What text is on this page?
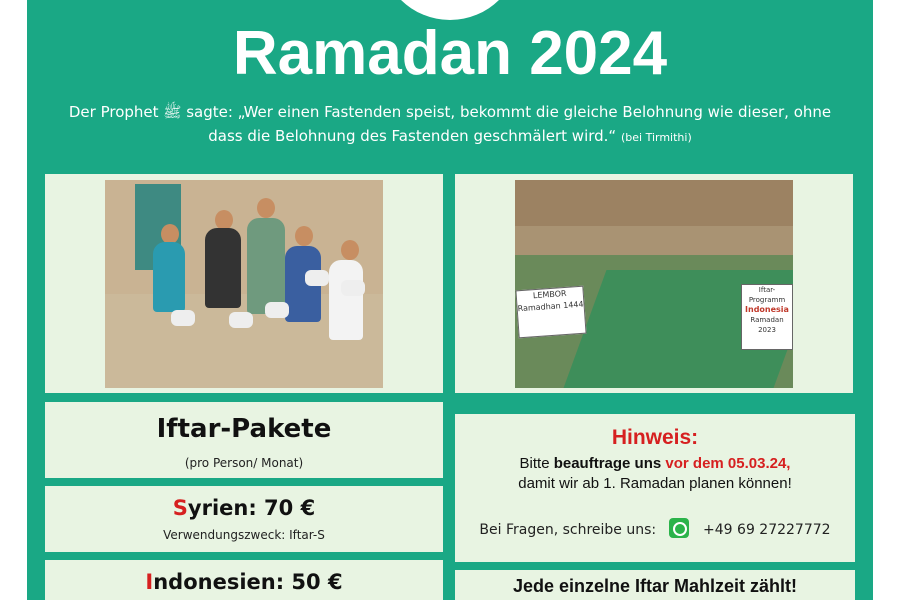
Ramadan 2024
Der Prophet ﷺ sagte: „Wer einen Fastenden speist, bekommt die gleiche Belohnung wie dieser, ohne
dass die Belohnung des Fastenden geschmälert wird.“ (bei Tirmithi)
LEMBOR
Ramadhan 1444
Iftar-Programm
Indonesia
Ramadan 2023
Iftar-Pakete
(pro Person/ Monat)
Syrien: 70 €
Verwendungszweck: Iftar-S
Indonesien: 50 €
Hinweis:
Bitte beauftrage uns vor dem 05.03.24,
damit wir ab 1. Ramadan planen können!
Bei Fragen, schreibe uns:	+49 69 27227772
Jede einzelne Iftar Mahlzeit zählt!
